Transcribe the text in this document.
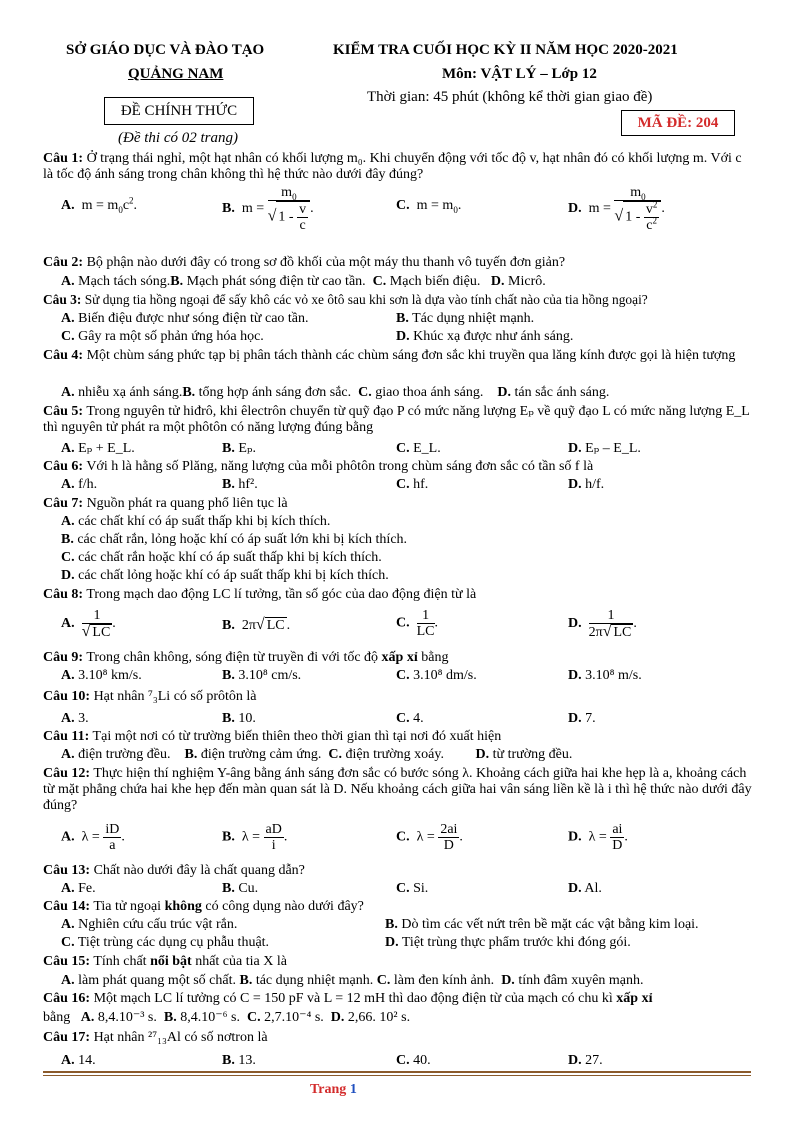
SỞ GIÁO DỤC VÀ ĐÀO TẠO
QUẢNG NAM
ĐỀ CHÍNH THỨC
(Đề thi có 02 trang)
KIỂM TRA CUỐI HỌC KỲ II NĂM HỌC 2020-2021
Môn: VẬT LÝ – Lớp 12
Thời gian: 45 phút (không kể thời gian giao đề)
MÃ ĐỀ: 204
Câu 1: Ở trạng thái nghỉ, một hạt nhân có khối lượng m₀. Khi chuyển động với tốc độ v, hạt nhân đó có khối lượng m. Với c là tốc độ ánh sáng trong chân không thì hệ thức nào dưới đây đúng?
A.  $m = m_0c^2$.	B.  $m = \frac{m_0}{√ 1 - \frac{v}{c}}$ .	C.  $m = m_0$.	D.  $m = \frac{m_0}{√ 1 - \frac{v^2}{c^2}}$ .
Câu 2: Bộ phận nào dưới đây có trong sơ đồ khối của một máy thu thanh vô tuyến đơn giản?
A. Mạch tách sóng.B. Mạch phát sóng điện từ cao tần. C. Mạch biến điệu. D. Micrô.
Câu 3: Sử dụng tia hồng ngoại để sấy khô các vỏ xe ôtô sau khi sơn là dựa vào tính chất nào của tia hồng ngoại?
A. Biến điệu được như sóng điện từ cao tần.	B. Tác dụng nhiệt mạnh.
C. Gây ra một số phản ứng hóa học.	D. Khúc xạ được như ánh sáng.
Câu 4: Một chùm sáng phức tạp bị phân tách thành các chùm sáng đơn sắc khi truyền qua lăng kính được gọi là hiện tượng
A. nhiễu xạ ánh sáng.B. tổng hợp ánh sáng đơn sắc. C. giao thoa ánh sáng. D. tán sắc ánh sáng.
Câu 5: Trong nguyên tử hiđrô, khi êlectrôn chuyển từ quỹ đạo P có mức năng lượng Eₚ về quỹ đạo L có mức năng lượng E_L thì nguyên tử phát ra một phôtôn có năng lượng đúng bằng
A. Eₚ + E_L.	B. Eₚ.	C. E_L.	D. Eₚ – E_L.
Câu 6: Với h là hằng số Plăng, năng lượng của mỗi phôtôn trong chùm sáng đơn sắc có tần số f là
A. f/h.	B. hf².	C. hf.	D. h/f.
Câu 7: Nguồn phát ra quang phổ liên tục là
A. các chất khí có áp suất thấp khi bị kích thích.
B. các chất rắn, lỏng hoặc khí có áp suất lớn khi bị kích thích.
C. các chất rắn hoặc khí có áp suất thấp khi bị kích thích.
D. các chất lỏng hoặc khí có áp suất thấp khi bị kích thích.
Câu 8: Trong mạch dao động LC lí tưởng, tần số góc của dao động điện từ là
A. $\frac{1}{√ LC}$ .	B.  2π√ LC .	C. $\frac{1}{LC}$ .	D. $\frac{1}{2\pi√ LC}$ .
Câu 9: Trong chân không, sóng điện từ truyền đi với tốc độ xấp xỉ bằng
A. 3.10⁸ km/s.	B. 3.10⁸ cm/s.	C. 3.10⁸ dm/s.	D. 3.10⁸ m/s.
Câu 10: Hạt nhân ⁷₃Li có số prôtôn là
A. 3.	B. 10.	C. 4.	D. 7.
Câu 11: Tại một nơi có từ trường biến thiên theo thời gian thì tại nơi đó xuất hiện
A. điện trường đều. B. điện trường cảm ứng. C. điện trường xoáy. D. từ trường đều.
Câu 12: Thực hiện thí nghiệm Y-âng bằng ánh sáng đơn sắc có bước sóng λ. Khoảng cách giữa hai khe hẹp là a, khoảng cách từ mặt phẳng chứa hai khe hẹp đến màn quan sát là D. Nếu khoảng cách giữa hai vân sáng liền kề là i thì hệ thức nào dưới đây đúng?
A.  $\lambda = \frac{iD}{a}$ .	B.  $\lambda = \frac{aD}{i}$ .	C.  $\lambda = \frac{2ai}{D}$ .	D.  $\lambda = \frac{ai}{D}$ .
Câu 13: Chất nào dưới đây là chất quang dẫn?
A. Fe.	B. Cu.	C. Si.	D. Al.
Câu 14: Tia tử ngoại không có công dụng nào dưới đây?
A. Nghiên cứu cấu trúc vật rắn.	B. Dò tìm các vết nứt trên bề mặt các vật bằng kim loại.
C. Tiệt trùng các dụng cụ phẫu thuật.	D. Tiệt trùng thực phẩm trước khi đóng gói.
Câu 15: Tính chất nổi bật nhất của tia X là
A. làm phát quang một số chất. B. tác dụng nhiệt mạnh. C. làm đen kính ảnh. D. tính đâm xuyên mạnh.
Câu 16: Một mạch LC lí tưởng có C = 150 pF và L = 12 mH thì dao động điện từ của mạch có chu kì xấp xỉ
bằng A. 8,4.10⁻³ s. B. 8,4.10⁻⁶ s. C. 2,7.10⁻⁴ s. D. 2,66. 10² s.
Câu 17: Hạt nhân ²⁷₁₃Al có số nơtron là
A. 14.	B. 13.	C. 40.	D. 27.
Trang 1
